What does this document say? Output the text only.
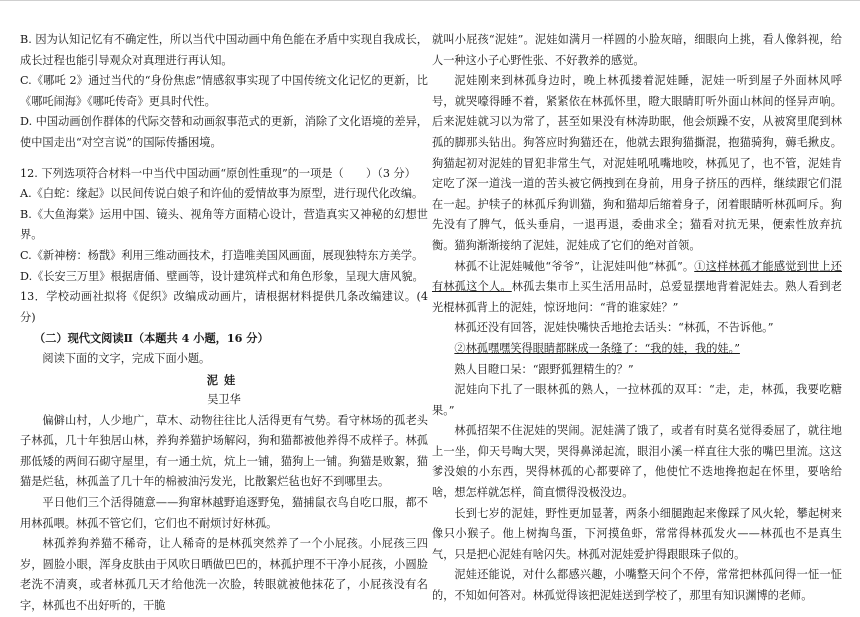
B. 因为认知记忆有不确定性，所以当代中国动画中角色能在矛盾中实现自我成长，成长过程也能引导观众对真理进行再认知。

C.《哪吒 2》通过当代的“身份焦虑”情感叙事实现了中国传统文化记忆的更新，比《哪吒闹海》《哪吒传奇》更具时代性。

D. 中国动画创作群体的代际交替和动画叙事范式的更新，消除了文化语境的差异，使中国走出“对空言说”的国际传播困境。

12. 下列选项符合材料一中当代中国动画“原创性重现”的一项是（　　）（3 分）

A.《白蛇：缘起》以民间传说白娘子和许仙的爱情故事为原型，进行现代化改编。

B.《大鱼海棠》运用中国、镜头、视角等方面精心设计，营造真实又神秘的幻想世界。

C.《新神榜：杨戬》利用三维动画技术，打造唯美国风画面，展现独特东方美学。

D.《长安三万里》根据唐俑、壁画等，设计建筑样式和角色形象，呈现大唐风貌。

13．学校动画社拟将《促织》改编成动画片，请根据材料提供几条改编建议。(4 分)

（二）现代文阅读Ⅱ（本题共 4 小题，16 分）

阅读下面的文字，完成下面小题。

泥娃

吴卫华

偏僻山村，人少地广，草木、动物往往比人活得更有气势。看守林场的孤老头子林孤，几十年独居山林，养狗养猫护场解闷，狗和猫都被他养得不成样子。林孤那低矮的两间石砌守屋里，有一通土炕，炕上一铺，猫狗上一铺。狗猫是败絮，猫猫是烂毡，林孤盖了几十年的棉被油污发光，比散絮烂毡也好不到哪里去。

平日他们三个活得随意——狗窜林越野追逐野兔，猫捕鼠衣鸟自吃口服，都不用林孤喂。林孤不管它们，它们也不耐烦讨好林孤。

林孤养狗养猫不稀奇，让人稀奇的是林孤突然养了一个小屁孩。小屁孩三四岁，圆脸小眼，浑身皮肤由于风吹日晒做巴巴的，林孤护理不干净小屁孩，小圆脸老洗不清爽，或者林孤几天才给他洗一次脸，转眼就被他抹花了，小屁孩没有名字，林孤也不出好听的，干脆

就叫小屁孩“泥娃”。泥娃如满月一样圆的小脸灰暗，细眼向上挑，看人像斜视，给人一种这小子心野性张、不好教养的感觉。

泥娃刚来到林孤身边时，晚上林孤搂着泥娃睡，泥娃一听到屋子外面林风呼号，就哭嚎得睡不着，紧紧依在林孤怀里，瞪大眼睛盯听外面山林间的怪异声响。后来泥娃就习以为常了，甚至如果没有林涛助眠，他会烦躁不安，从被窝里爬到林孤的脚那头钻出。狗答应时狗猫还在，他就去跟狗猫撕混，抱猫骑狗，薅毛揪皮。狗猫起初对泥娃的冒犯非常生气，对泥娃吼吼嘴地咬，林孤见了，也不管，泥娃肯定吃了深一道浅一道的苦头被它俩拽到在身前，用身子挤压的西样，继续跟它们混在一起。护犊子的林孤斥狗训猫，狗和猫却后缩着身子，闭着眼睛听林孤呵斥。狗先没有了脾气，低头垂肩，一退再退，委曲求全；猫看对抗无果，便索性放弃抗衡。猫狗渐渐接纳了泥娃，泥娃成了它们的绝对首领。

林孤不让泥娃喊他“爷爷”，让泥娃叫他“林孤”。①这样林孤才能感觉到世上还有林孤这个人。林孤去集市上买生活用品时，总爱显摆地背着泥娃去。熟人看到老光棍林孤背上的泥娃，惊讶地问：“背的谁家娃？”

林孤还没有回答，泥娃快嘴快舌地抢去话头：“林孤，不告诉他。”

②林孤嘿嘿笑得眼睛都眯成一条缝了：“我的娃，我的娃。”

熟人目瞪口呆：“跟野狐狸精生的？”

泥娃向下扎了一眼林孤的熟人，一拉林孤的双耳：“走，走，林孤，我要吃糖果。”

林孤招架不住泥娃的哭闹。泥娃满了饿了，或者有时莫名觉得委屈了，就往地上一坐，仰天号啕大哭，哭得鼻涕起流，眼泪小溪一样直往大张的嘴巴里流。这这爹没娘的小东西，哭得林孤的心都要碎了，他使忙不迭地搀抱起在怀里，要啥给啥，想怎样就怎样，简直惯得没极没边。

长到七岁的泥娃，野性更加显著，两条小细腿跑起来像踩了风火轮，攀起树来像只小猴子。他上树掏鸟蛋，下河摸鱼虾，常常得林孤发火——林孤也不是真生气，只是把心泥娃有啥闪失。林孤对泥娃爱护得跟眼珠子似的。

泥娃还能说，对什么都感兴趣，小嘴整天问个不停，常常把林孤问得一怔一怔的，不知如何答对。林孤觉得该把泥娃送到学校了，那里有知识渊博的老师。
